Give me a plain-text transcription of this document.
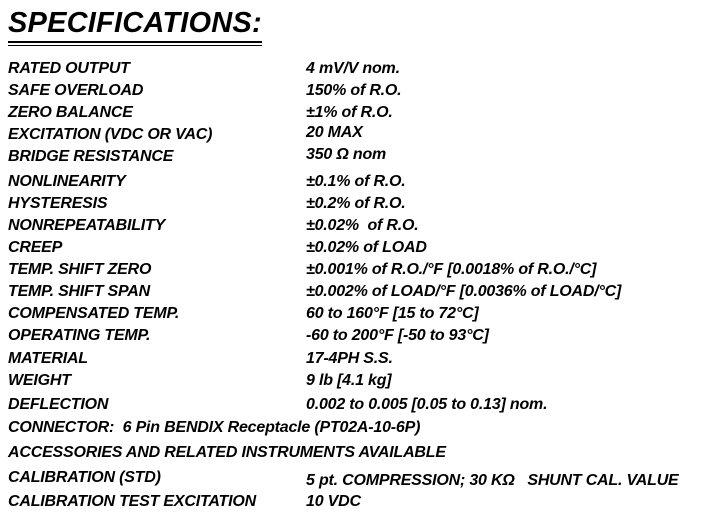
SPECIFICATIONS:
RATED OUTPUT	4 mV/V nom.
SAFE OVERLOAD	150% of R.O.
ZERO BALANCE	±1% of R.O.
EXCITATION (VDC OR VAC)	20 MAX
BRIDGE RESISTANCE	350 Ω nom
NONLINEARITY	±0.1% of R.O.
HYSTERESIS	±0.2% of R.O.
NONREPEATABILITY	±0.02%  of R.O.
CREEP	±0.02% of LOAD
TEMP. SHIFT ZERO	±0.001% of R.O./°F [0.0018% of R.O./°C]
TEMP. SHIFT SPAN	±0.002% of LOAD/°F [0.0036% of LOAD/°C]
COMPENSATED TEMP.	60 to 160°F [15 to 72°C]
OPERATING TEMP.	-60 to 200°F [-50 to 93°C]
MATERIAL	17-4PH S.S.
WEIGHT	9 lb [4.1 kg]
DEFLECTION	0.002 to 0.005 [0.05 to 0.13] nom.
CONNECTOR:  6 Pin BENDIX Receptacle (PT02A-10-6P)
ACCESSORIES AND RELATED INSTRUMENTS AVAILABLE
CALIBRATION (STD)	5 pt. COMPRESSION; 30 KΩ   SHUNT CAL. VALUE
CALIBRATION TEST EXCITATION	10 VDC
